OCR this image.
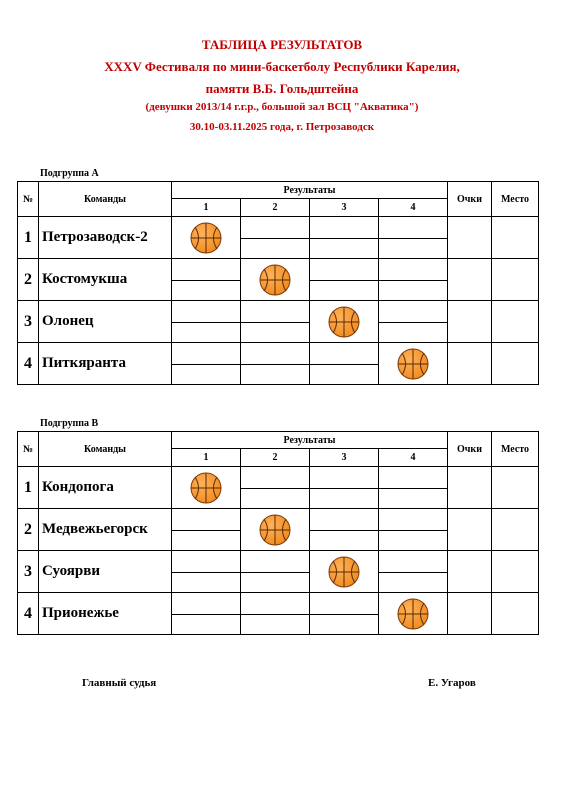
ТАБЛИЦА РЕЗУЛЬТАТОВ
XXXV Фестиваля по мини-баскетболу Республики Карелия,
памяти В.Б. Гольдштейна
(девушки 2013/14 г.г.р., большой зал ВСЦ "Акватика")
30.10-03.11.2025 года, г. Петрозаводск
Подгруппа А
№	Команды	Результаты				Очки	Место
		1	2	3	4		
1	Петрозаводск-2	

2	Костомукша	

3	Олонец	

4	Питкяранта	

Подгруппа В
№	Команды	Результаты				Очки	Место
		1	2	3	4		
1	Кондопога	

2	Медвежьегорск	

3	Суоярви	

4	Прионежье	

Главный судья	Е. Угаров
